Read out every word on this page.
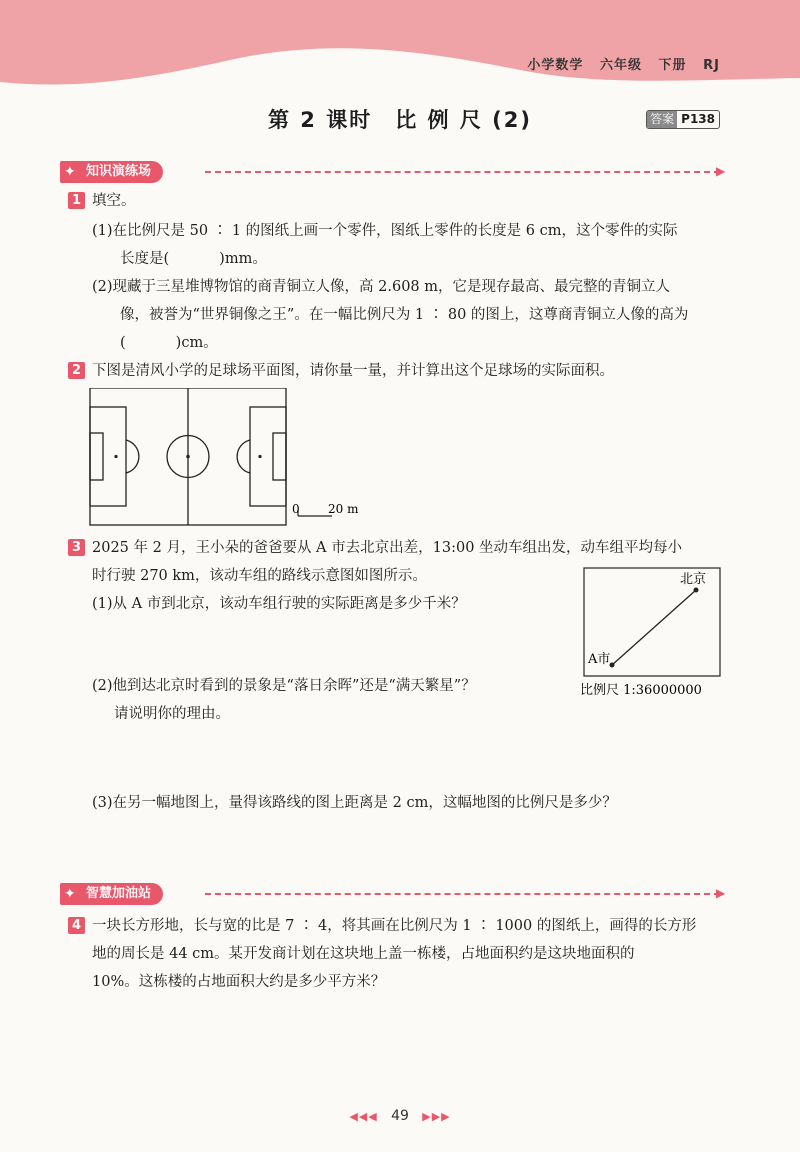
小学数学 六年级 下册 RJ
第 2 课时　比 例 尺 (2)	答案 P138
✦ 知识演练场	▶
1 填空。
(1)在比例尺是 50 ∶ 1 的图纸上画一个零件，图纸上零件的长度是 6 cm，这个零件的实际
长度是(	)mm。
(2)现藏于三星堆博物馆的商青铜立人像，高 2.608 m，它是现存最高、最完整的青铜立人
像，被誉为“世界铜像之王”。在一幅比例尺为 1 ∶ 80 的图上，这尊商青铜立人像的高为
(	)cm。
2 下图是清风小学的足球场平面图，请你量一量，并计算出这个足球场的实际面积。
0 20 m
3 2025 年 2 月，王小朵的爸爸要从 A 市去北京出差，13:00 坐动车组出发，动车组平均每小
时行驶 270 km，该动车组的路线示意图如图所示。
(1)从 A 市到北京，该动车组行驶的实际距离是多少千米？
(2)他到达北京时看到的景象是“落日余晖”还是“满天繁星”？
请说明你的理由。
(3)在另一幅地图上，量得该路线的图上距离是 2 cm，这幅地图的比例尺是多少？
北京
A市
比例尺 1:36000000
✦ 智慧加油站	▶
4 一块长方形地，长与宽的比是 7 ∶ 4，将其画在比例尺为 1 ∶ 1000 的图纸上，画得的长方形
地的周长是 44 cm。某开发商计划在这块地上盖一栋楼，占地面积约是这块地面积的
10%。这栋楼的占地面积大约是多少平方米？
◀◀◀ 49 ▶▶▶
